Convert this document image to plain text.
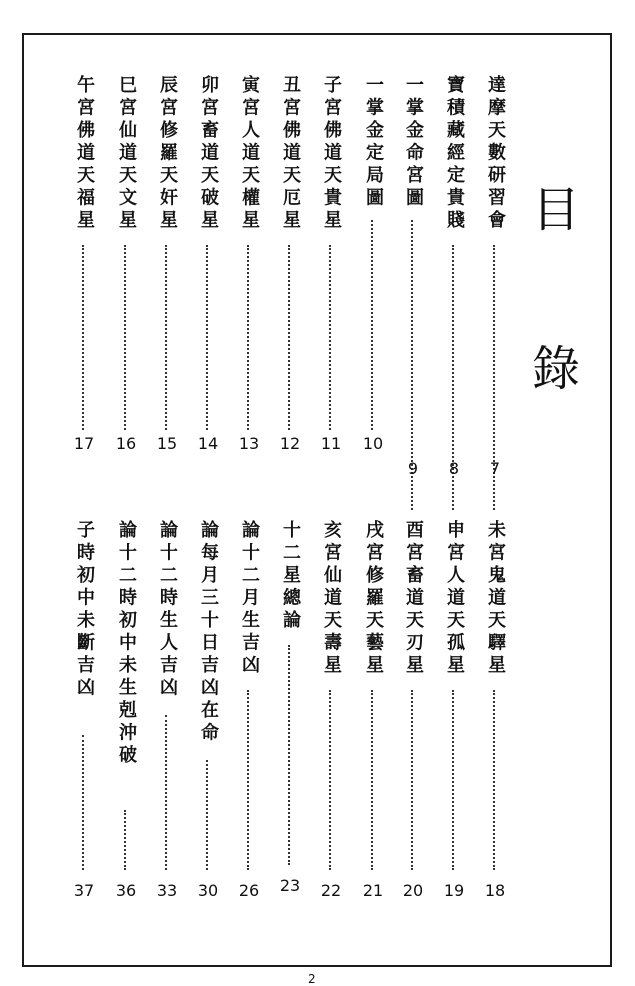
目
錄
達摩天數研習會
7
寶積藏經定貴賤
8
一掌金命宮圖
9
一掌金定局圖
10
子宮佛道天貴星
11
丑宮佛道天厄星
12
寅宮人道天權星
13
卯宮畜道天破星
14
辰宮修羅天奸星
15
巳宮仙道天文星
16
午宮佛道天福星
17
未宮鬼道天驛星
18
申宮人道天孤星
19
酉宮畜道天刃星
20
戌宮修羅天藝星
21
亥宮仙道天壽星
22
十二星總論
23
論十二月生吉凶
26
論每月三十日吉凶在命
30
論十二時生人吉凶
33
論十二時初中未生剋沖破
36
子時初中未斷吉凶
37
2
